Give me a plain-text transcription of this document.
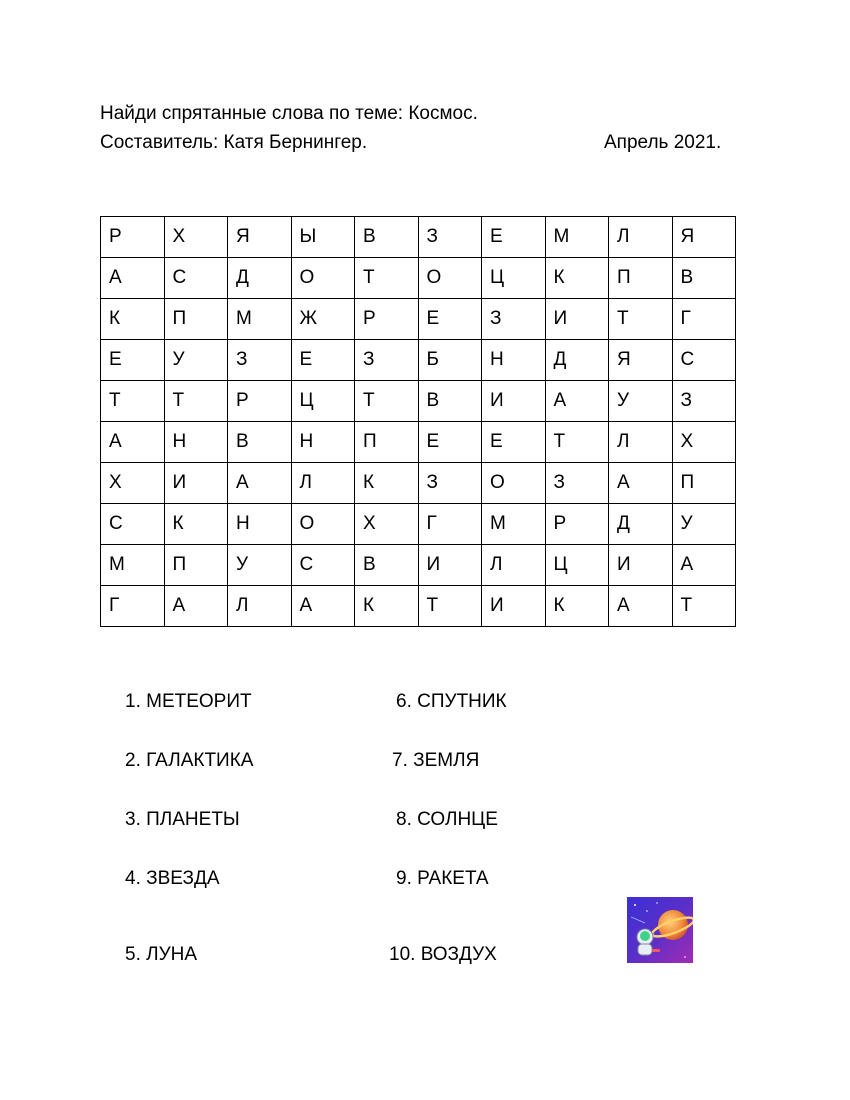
Найди спрятанные слова по теме: Космос.
Составитель: Катя Бернингер.	Апрель 2021.
Р	Х	Я	Ы	В	З	Е	М	Л	Я
А	С	Д	О	Т	О	Ц	К	П	В
К	П	М	Ж	Р	Е	З	И	Т	Г
Е	У	З	Е	З	Б	Н	Д	Я	С
Т	Т	Р	Ц	Т	В	И	А	У	З
А	Н	В	Н	П	Е	Е	Т	Л	Х
Х	И	А	Л	К	З	О	З	А	П
С	К	Н	О	Х	Г	М	Р	Д	У
М	П	У	С	В	И	Л	Ц	И	А
Г	А	Л	А	К	Т	И	К	А	Т
1. МЕТЕОРИТ
2. ГАЛАКТИКА
3. ПЛАНЕТЫ
4. ЗВЕЗДА
5. ЛУНА
6. СПУТНИК
7. ЗЕМЛЯ
8. СОЛНЦЕ
9. РАКЕТА
10. ВОЗДУХ
